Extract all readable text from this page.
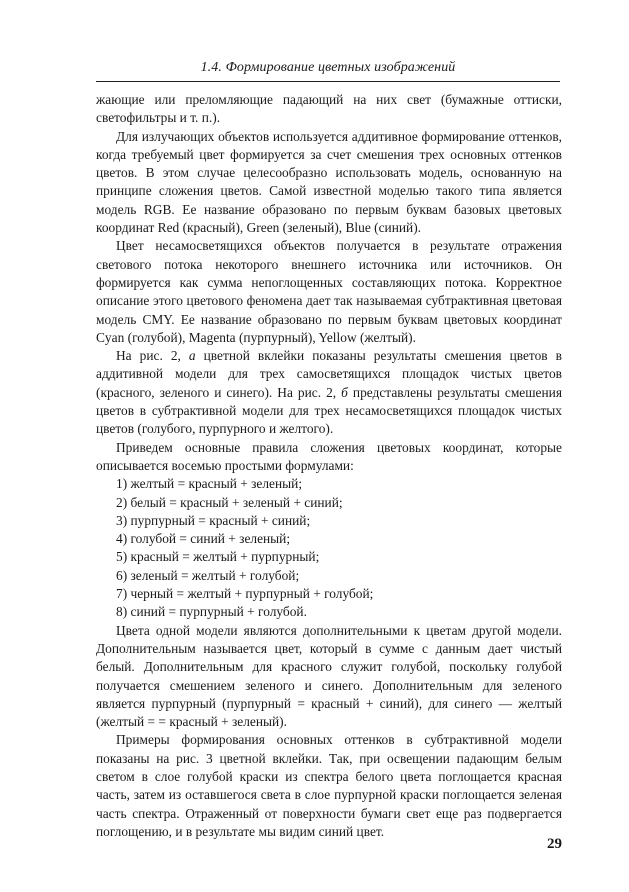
1.4. Формирование цветных изображений

жающие или преломляющие падающий на них свет (бумажные оттиски, светофильтры и т. п.).

Для излучающих объектов используется аддитивное формирование оттенков, когда требуемый цвет формируется за счет смешения трех основных оттенков цветов. В этом случае целесообразно использовать модель, основанную на принципе сложения цветов. Самой известной моделью такого типа является модель RGB. Ее название образовано по первым буквам базовых цветовых координат Red (красный), Green (зеленый), Blue (синий).

Цвет несамосветящихся объектов получается в результате отражения светового потока некоторого внешнего источника или источников. Он формируется как сумма непоглощенных составляющих потока. Корректное описание этого цветового феномена дает так называемая субтрактивная цветовая модель CMY. Ее название образовано по первым буквам цветовых координат Cyan (голубой), Magenta (пурпурный), Yellow (желтый).

На рис. 2, а цветной вклейки показаны результаты смешения цветов в аддитивной модели для трех самосветящихся площадок чистых цветов (красного, зеленого и синего). На рис. 2, б представлены результаты смешения цветов в субтрактивной модели для трех несамосветящихся площадок чистых цветов (голубого, пурпурного и желтого).

Приведем основные правила сложения цветовых координат, которые описывается восемью простыми формулами:

1) желтый = красный + зеленый;
2) белый = красный + зеленый + синий;
3) пурпурный = красный + синий;
4) голубой = синий + зеленый;
5) красный = желтый + пурпурный;
6) зеленый = желтый + голубой;
7) черный = желтый + пурпурный + голубой;
8) синий = пурпурный + голубой.

Цвета одной модели являются дополнительными к цветам другой модели. Дополнительным называется цвет, который в сумме с данным дает чистый белый. Дополнительным для красного служит голубой, поскольку голубой получается смешением зеленого и синего. Дополнительным для зеленого является пурпурный (пурпурный = красный + синий), для синего — желтый (желтый = = красный + зеленый).

Примеры формирования основных оттенков в субтрактивной модели показаны на рис. 3 цветной вклейки. Так, при освещении падающим белым светом в слое голубой краски из спектра белого цвета поглощается красная часть, затем из оставшегося света в слое пурпурной краски поглощается зеленая часть спектра. Отраженный от поверхности бумаги свет еще раз подвергается поглощению, и в результате мы видим синий цвет.

29
